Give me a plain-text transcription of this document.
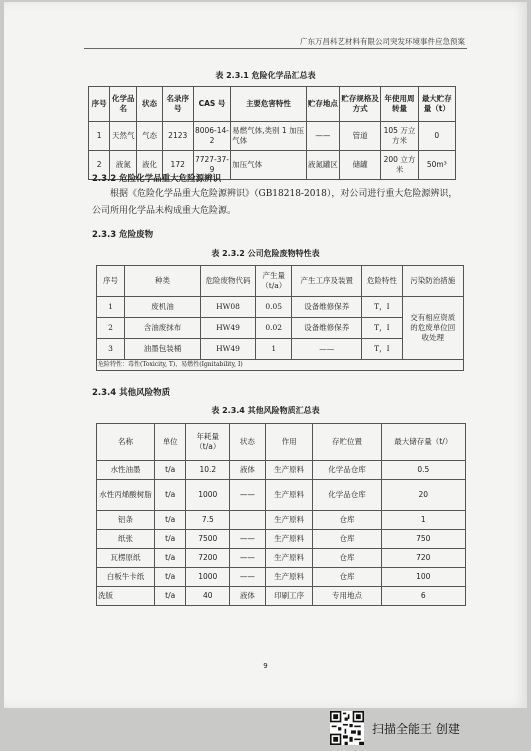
广东万昌科艺材料有限公司突发环境事件应急预案
表 2.3.1 危险化学品汇总表
序号	化学品名	状态	名录序号	CAS 号	主要危害特性	贮存地点	贮存规格及方式	年使用周转量	最大贮存量（t）
1	天然气	气态	2123	8006-14-2	易燃气体,类别 1 加压气体	——	管道	105 万立方米	0
2	液氮	液化	172	7727-37-9	加压气体	液氮罐区	储罐	200 立方米	50m³
2.3.2 危险化学品重大危险源辨识
根据《危险化学品重大危险源辨识》（GB18218-2018），对公司进行重大危险源辨识，公司所用化学品未构成重大危险源。
2.3.3 危险废物
表 2.3.2 公司危险废物特性表
序号	种类	危险废物代码	产生量（t/a）	产生工序及装置	危险特性	污染防治措施
1	废机油	HW08	0.05	设备维修保养	T，I	交有相应资质的危废单位回收处理
2	含油废抹布	HW49	0.02	设备维修保养	T，I	
3	油墨包装桶	HW49	1	——	T，I	
危险特性：毒性(Toxicity, T)、易燃性(Ignitability, I)						
2.3.4 其他风险物质
表 2.3.4 其他风险物质汇总表
名称	单位	年耗量（t/a）	状态	作用	存贮位置	最大储存量（t/）
水性油墨	t/a	10.2	液体	生产原料	化学品仓库	0.5
水性丙烯酸树脂	t/a	1000	——	生产原料	化学品仓库	20
铝条	t/a	7.5		生产原料	仓库	1
纸张	t/a	7500	——	生产原料	仓库	750
瓦楞原纸	t/a	7200	——	生产原料	仓库	720
白板牛卡纸	t/a	1000	——	生产原料	仓库	100
洗版	t/a	40	液体	印刷工序	专用地点	6
9
扫描全能王 创建
